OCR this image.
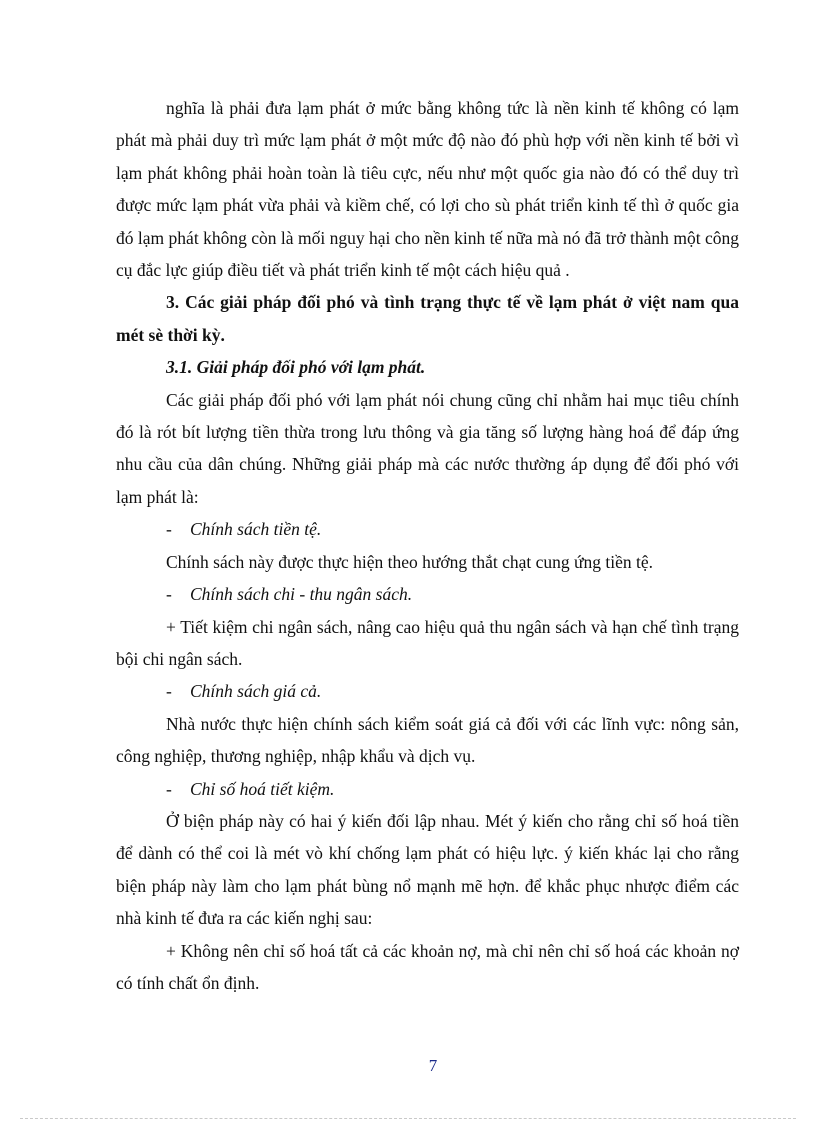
nghĩa là phải đưa lạm phát ở mức bằng không tức là nền kinh tế không có lạm phát mà phải duy trì mức lạm phát ở một mức độ nào đó phù hợp với nền kinh tế bởi vì lạm phát không phải hoàn toàn là tiêu cực, nếu như một quốc gia nào đó có thể duy trì được mức lạm phát vừa phải và kiềm chế, có lợi cho sù phát triển kinh tế thì ở quốc gia đó lạm phát không còn là mối nguy hại cho nền kinh tế nữa mà nó đã trở thành một công cụ đắc lực giúp điều tiết và phát triển kinh tế một cách hiệu quả .

3. Các giải pháp đối phó và tình trạng thực tế về lạm phát ở việt nam qua mét sè thời kỳ.

3.1. Giải pháp đối phó với lạm phát.

Các giải pháp đối phó với lạm phát nói chung cũng chỉ nhằm hai mục tiêu chính đó là rót bít lượng tiền thừa trong lưu thông và gia tăng số lượng hàng hoá để đáp ứng nhu cầu của dân chúng. Những giải pháp mà các nước thường áp dụng để đối phó với lạm phát là:

-	Chính sách tiền tệ.

Chính sách này được thực hiện theo hướng thắt chạt cung ứng tiền tệ.

-	Chính sách chi - thu ngân sách.

+ Tiết kiệm chi ngân sách, nâng cao hiệu quả thu ngân sách và hạn chế tình trạng bội chi ngân sách.

-	Chính sách giá cả.

Nhà nước thực hiện chính sách kiểm soát giá cả đối với các lĩnh vực: nông sản, công nghiệp, thương nghiệp, nhập khẩu và dịch vụ.

-	Chỉ số hoá tiết kiệm.

Ở biện pháp này có hai ý kiến đối lập nhau. Mét ý kiến cho rằng chỉ số hoá tiền để dành có thể coi là mét vò khí chống lạm phát có hiệu lực. ý kiến khác lại cho rằng biện pháp này làm cho lạm phát bùng nổ mạnh mẽ hợn. để khắc phục nhược điểm các nhà kinh tế đưa ra các kiến nghị sau:

+ Không nên chỉ số hoá tất cả các khoản nợ, mà chỉ nên chỉ số hoá các khoản nợ có tính chất ổn định.

7
